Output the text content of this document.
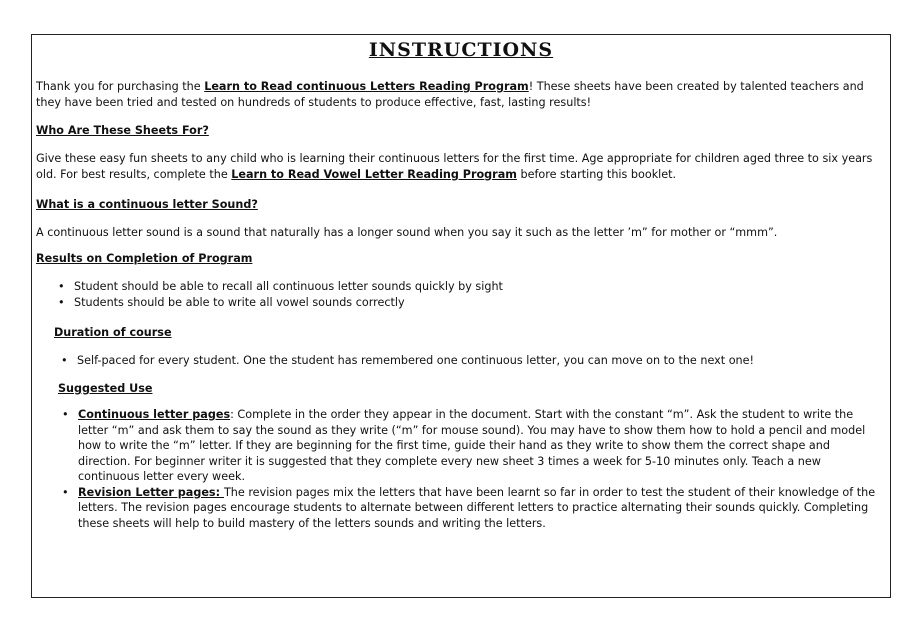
INSTRUCTIONS

Thank you for purchasing the Learn to Read continuous Letters Reading Program! These sheets have been created by talented teachers and they have been tried and tested on hundreds of students to produce effective, fast, lasting results!

Who Are These Sheets For?

Give these easy fun sheets to any child who is learning their continuous letters for the first time. Age appropriate for children aged three to six years old. For best results, complete the Learn to Read Vowel Letter Reading Program before starting this booklet.

What is a continuous letter Sound?
A continuous letter sound is a sound that naturally has a longer sound when you say it such as the letter ’m” for mother or “mmm”.
Results on Completion of Program
• Student should be able to recall all continuous letter sounds quickly by sight
• Students should be able to write all vowel sounds correctly
Duration of course
• Self-paced for every student. One the student has remembered one continuous letter, you can move on to the next one!
Suggested Use
• Continuous letter pages: Complete in the order they appear in the document. Start with the constant “m”. Ask the student to write the letter “m” and ask them to say the sound as they write (“m” for mouse sound). You may have to show them how to hold a pencil and model how to write the “m” letter. If they are beginning for the first time, guide their hand as they write to show them the correct shape and direction. For beginner writer it is suggested that they complete every new sheet 3 times a week for 5-10 minutes only. Teach a new continuous letter every week.
• Revision Letter pages: The revision pages mix the letters that have been learnt so far in order to test the student of their knowledge of the letters. The revision pages encourage students to alternate between different letters to practice alternating their sounds quickly. Completing these sheets will help to build mastery of the letters sounds and writing the letters.
